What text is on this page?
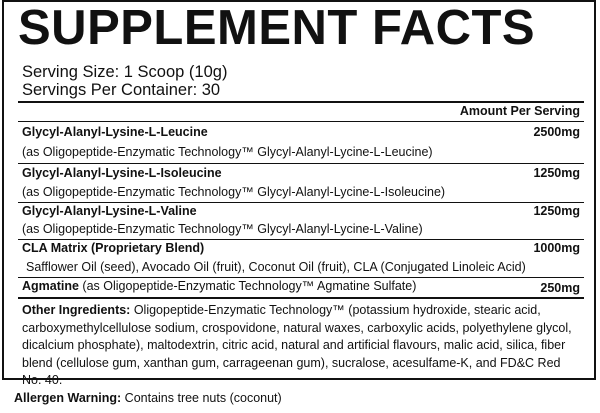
SUPPLEMENT FACTS
Serving Size: 1 Scoop (10g)
Servings Per Container: 30
Amount Per Serving
Glycyl-Alanyl-Lysine-L-Leucine	2500mg
(as Oligopeptide-Enzymatic Technology™ Glycyl-Alanyl-Lycine-L-Leucine)
Glycyl-Alanyl-Lysine-L-Isoleucine	1250mg
(as Oligopeptide-Enzymatic Technology™ Glycyl-Alanyl-Lycine-L-Isoleucine)
Glycyl-Alanyl-Lysine-L-Valine	1250mg
(as Oligopeptide-Enzymatic Technology™ Glycyl-Alanyl-Lycine-L-Valine)
CLA Matrix (Proprietary Blend)	1000mg
Safflower Oil (seed), Avocado Oil (fruit), Coconut Oil (fruit), CLA (Conjugated Linoleic Acid)
Agmatine (as Oligopeptide-Enzymatic Technology™ Agmatine Sulfate)	250mg
Other Ingredients: Oligopeptide-Enzymatic Technology™ (potassium hydroxide, stearic acid, carboxymethylcellulose sodium, crospovidone, natural waxes, carboxylic acids, polyethylene glycol, dicalcium phosphate), maltodextrin, citric acid, natural and artificial flavours, malic acid, silica, fiber blend (cellulose gum, xanthan gum, carrageenan gum), sucralose, acesulfame-K, and FD&C Red No. 40.
Allergen Warning: Contains tree nuts (coconut)
